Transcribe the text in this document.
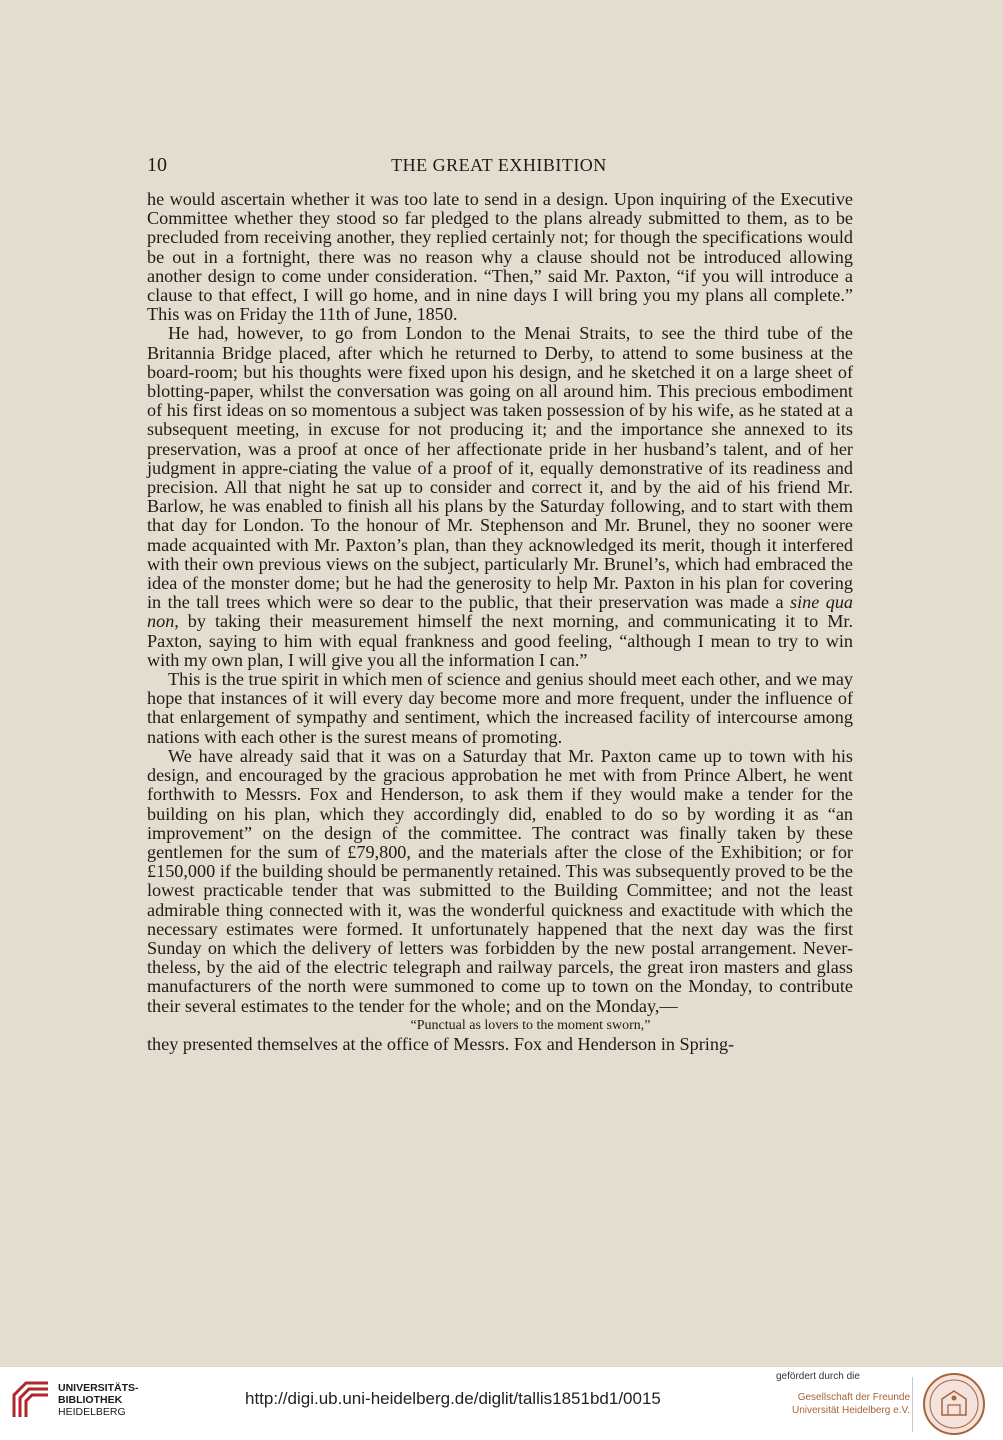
10	THE GREAT EXHIBITION

he would ascertain whether it was too late to send in a design. Upon inquiring of the Executive Committee whether they stood so far pledged to the plans already submitted to them, as to be precluded from receiving another, they replied certainly not; for though the specifications would be out in a fortnight, there was no reason why a clause should not be introduced allowing another design to come under consideration. “Then,” said Mr. Paxton, “if you will introduce a clause to that effect, I will go home, and in nine days I will bring you my plans all complete.” This was on Friday the 11th of June, 1850.

He had, however, to go from London to the Menai Straits, to see the third tube of the Britannia Bridge placed, after which he returned to Derby, to attend to some business at the board-room; but his thoughts were fixed upon his design, and he sketched it on a large sheet of blotting-paper, whilst the conversation was going on all around him. This precious embodiment of his first ideas on so momentous a subject was taken possession of by his wife, as he stated at a subsequent meeting, in excuse for not producing it; and the importance she annexed to its preservation, was a proof at once of her affectionate pride in her husband’s talent, and of her judgment in appre-ciating the value of a proof of it, equally demonstrative of its readiness and precision. All that night he sat up to consider and correct it, and by the aid of his friend Mr. Barlow, he was enabled to finish all his plans by the Saturday following, and to start with them that day for London. To the honour of Mr. Stephenson and Mr. Brunel, they no sooner were made acquainted with Mr. Paxton’s plan, than they acknowledged its merit, though it interfered with their own previous views on the subject, particularly Mr. Brunel’s, which had embraced the idea of the monster dome; but he had the generosity to help Mr. Paxton in his plan for covering in the tall trees which were so dear to the public, that their preservation was made a sine qua non, by taking their measurement himself the next morning, and communicating it to Mr. Paxton, saying to him with equal frankness and good feeling, “although I mean to try to win with my own plan, I will give you all the information I can.”

This is the true spirit in which men of science and genius should meet each other, and we may hope that instances of it will every day become more and more frequent, under the influence of that enlargement of sympathy and sentiment, which the increased facility of intercourse among nations with each other is the surest means of promoting.

We have already said that it was on a Saturday that Mr. Paxton came up to town with his design, and encouraged by the gracious approbation he met with from Prince Albert, he went forthwith to Messrs. Fox and Henderson, to ask them if they would make a tender for the building on his plan, which they accordingly did, enabled to do so by wording it as “an improvement” on the design of the committee. The contract was finally taken by these gentlemen for the sum of £79,800, and the materials after the close of the Exhibition; or for £150,000 if the building should be permanently retained. This was subsequently proved to be the lowest practicable tender that was submitted to the Building Committee; and not the least admirable thing connected with it, was the wonderful quickness and exactitude with which the necessary estimates were formed. It unfortunately happened that the next day was the first Sunday on which the delivery of letters was forbidden by the new postal arrangement. Never-theless, by the aid of the electric telegraph and railway parcels, the great iron masters and glass manufacturers of the north were summoned to come up to town on the Monday, to contribute their several estimates to the tender for the whole; and on the Monday,—

“Punctual as lovers to the moment sworn,”

they presented themselves at the office of Messrs. Fox and Henderson in Spring-

UNIVERSITÄTS-
BIBLIOTHEK
HEIDELBERG
http://digi.ub.uni-heidelberg.de/diglit/tallis1851bd1/0015
gefördert durch die
Gesellschaft der Freunde
Universität Heidelberg e.V.
